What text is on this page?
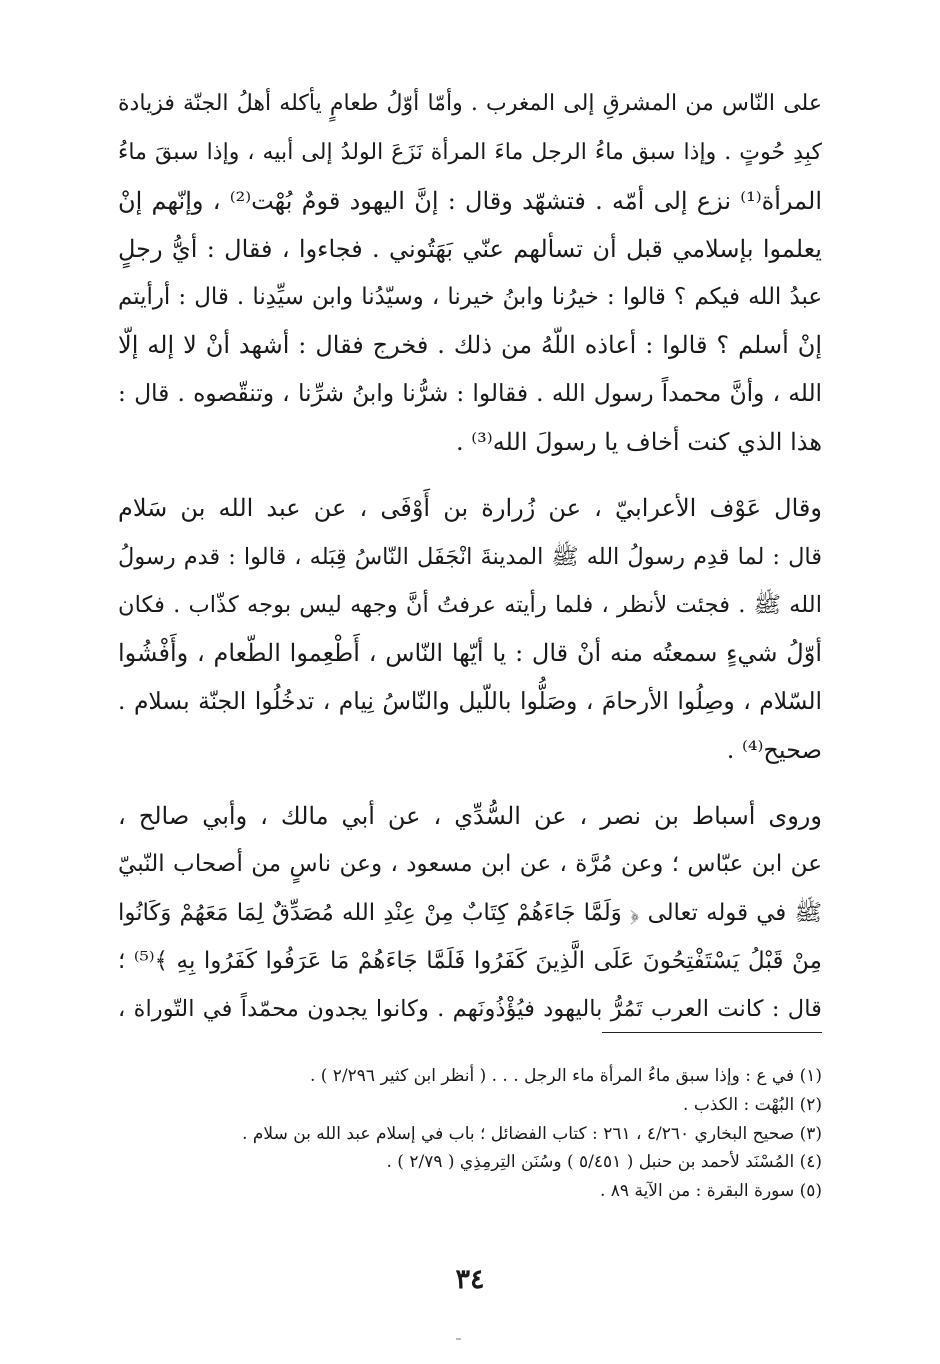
على النّاس من المشرقِ إلى المغرب . وأمّا أوّلُ طعامٍ يأكله أهلُ الجنّة فزيادة
كبِدِ حُوتٍ . وإذا سبق ماءُ الرجل ماءَ المرأة نَزَعَ الولدُ إلى أبيه ، وإذا سبقَ ماءُ
المرأة⁽¹⁾ نزع إلى أمّه . فتشهّد وقال : إنَّ اليهود قومٌ بُهْت⁽²⁾ ، وإنّهم إنْ
يعلموا بإسلامي قبل أن تسألهم عنّي بَهَتُوني . فجاءوا ، فقال : أيُّ رجلٍ
عبدُ الله فيكم ؟ قالوا : خيرُنا وابنُ خيرنا ، وسيّدُنا وابن سيِّدِنا . قال : أرأيتم
إنْ أسلم ؟ قالوا : أعاذه اللّهُ من ذلك . فخرج فقال : أشهد أنْ لا إله إلّا
الله ، وأنَّ محمداً رسول الله . فقالوا : شرُّنا وابنُ شرِّنا ، وتنقّصوه . قال :
هذا الذي كنت أخاف يا رسولَ الله⁽³⁾ .

وقال عَوْف الأعرابيّ ، عن زُرارة بن أَوْفَى ، عن عبد الله بن سَلام
قال : لما قدِم رسولُ الله ﷺ المدينةَ انْجَفَل النّاسُ قِبَله ، قالوا : قدم رسولُ
الله ﷺ . فجئت لأنظر ، فلما رأيته عرفتُ أنَّ وجهه ليس بوجه كذّاب . فكان
أوّلُ شيءٍ سمعتُه منه أنْ قال : يا أيّها النّاس ، أَطْعِموا الطّعام ، وأَفْشُوا
السّلام ، وصِلُوا الأرحامَ ، وصَلُّوا باللّيل والنّاسُ نِيام ، تدخُلُوا الجنّة بسلام .
صحيح⁽⁴⁾ .

وروى أسباط بن نصر ، عن السُّدِّي ، عن أبي مالك ، وأبي صالح ،
عن ابن عبّاس ؛ وعن مُرَّة ، عن ابن مسعود ، وعن ناسٍ من أصحاب النّبيّ
ﷺ في قوله تعالى ﴿ وَلَمَّا جَاءَهُمْ كِتَابٌ مِنْ عِنْدِ الله مُصَدِّقٌ لِمَا مَعَهُمْ وَكَانُوا
مِنْ قَبْلُ يَسْتَفْتِحُونَ عَلَى الَّذِينَ كَفَرُوا فَلَمَّا جَاءَهُمْ مَا عَرَفُوا كَفَرُوا بِهِ ﴾⁽⁵⁾ ؛
قال : كانت العرب تَمُرُّ باليهود فيُؤْذُونَهم . وكانوا يجدون محمّداً في التّوراة ،

(١) في ع : وإذا سبق ماءُ المرأة ماء الرجل . . . ( أنظر ابن كثير ٢/٢٩٦ ) .
(٢) البُهْت : الكذب .
(٣) صحيح البخاري ٤/٢٦٠ ، ٢٦١ : كتاب الفضائل ؛ باب في إسلام عبد الله بن سلام .
(٤) المُسْنَد لأحمد بن حنبل ( ٥/٤٥١ ) وسُنَن التِرمِذِي ( ٢/٧٩ ) .
(٥) سورة البقرة : من الآية ٨٩ .
٣٤
